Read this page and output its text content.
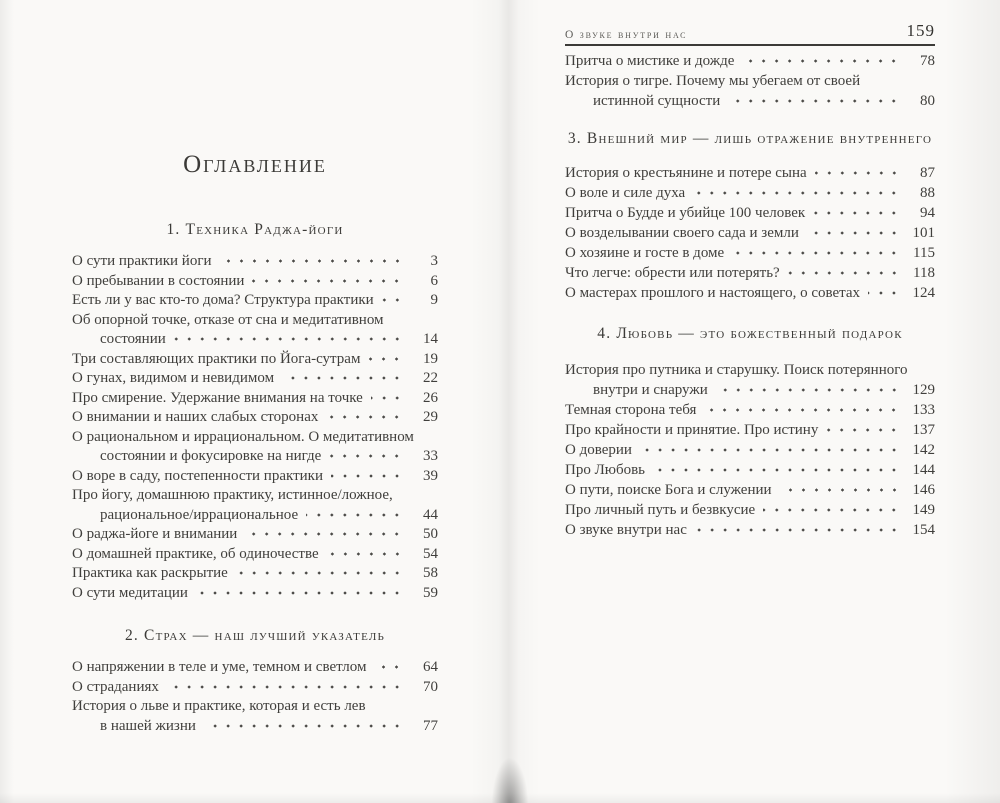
Оглавление
1. Техника Раджа-йоги
О сути практики йоги	3
О пребывании в состоянии	6
Есть ли у вас кто-то дома? Структура практики	9
Об опорной точке, отказе от сна и медитативном
состоянии	14
Три составляющих практики по Йога-сутрам	19
О гунах, видимом и невидимом	22
Про смирение. Удержание внимания на точке	26
О внимании и наших слабых сторонах	29
О рациональном и иррациональном. О медитативном
состоянии и фокусировке на нигде	33
О воре в саду, постепенности практики	39
Про йогу, домашнюю практику, истинное/ложное,
рациональное/иррациональное	44
О раджа-йоге и внимании	50
О домашней практике, об одиночестве	54
Практика как раскрытие	58
О сути медитации	59
2. Страх — наш лучший указатель
О напряжении в теле и уме, темном и светлом	64
О страданиях	70
История о льве и практике, которая и есть лев
в нашей жизни	77
О звуке внутри нас	159
Притча о мистике и дожде	78
История о тигре. Почему мы убегаем от своей
истинной сущности	80
3. Внешний мир — лишь отражение внутреннего
История о крестьянине и потере сына	87
О воле и силе духа	88
Притча о Будде и убийце 100 человек	94
О возделывании своего сада и земли	101
О хозяине и госте в доме	115
Что легче: обрести или потерять?	118
О мастерах прошлого и настоящего, о советах	124
4. Любовь — это божественный подарок
История про путника и старушку. Поиск потерянного
внутри и снаружи	129
Темная сторона тебя	133
Про крайности и принятие. Про истину	137
О доверии	142
Про Любовь	144
О пути, поиске Бога и служении	146
Про личный путь и безвкусие	149
О звуке внутри нас	154
